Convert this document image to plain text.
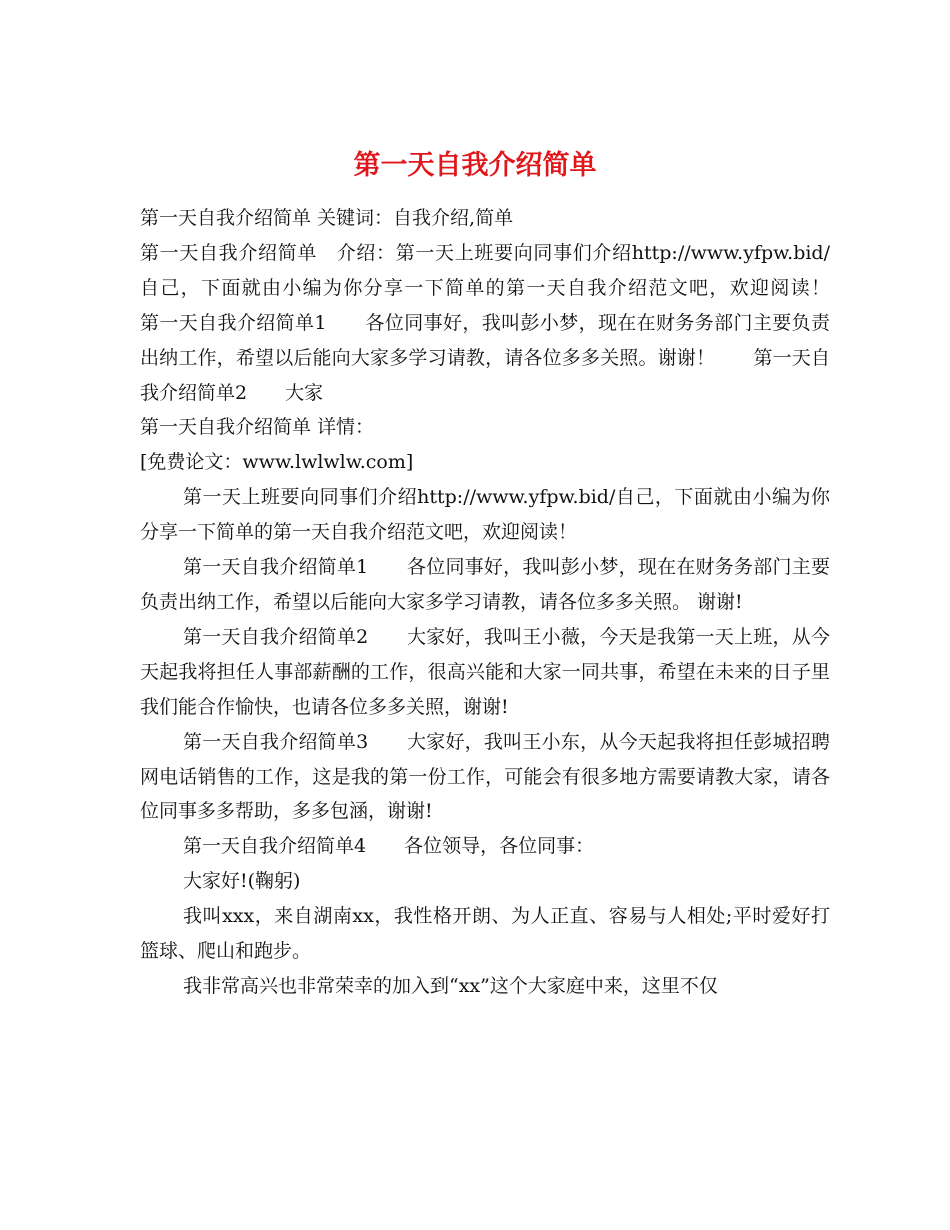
第一天自我介绍简单

第一天自我介绍简单 关键词：自我介绍,简单

第一天自我介绍简单　介绍：第一天上班要向同事们介绍http://www.yfpw.bid/自己，下面就由小编为你分享一下简单的第一天自我介绍范文吧，欢迎阅读！　　第一天自我介绍简单1　　各位同事好，我叫彭小梦，现在在财务务部门主要负责出纳工作，希望以后能向大家多学习请教，请各位多多关照。谢谢！　　第一天自我介绍简单2　　大家

第一天自我介绍简单 详情：

[免费论文：www.lwlwlw.com]

第一天上班要向同事们介绍http://www.yfpw.bid/自己，下面就由小编为你分享一下简单的第一天自我介绍范文吧，欢迎阅读！

第一天自我介绍简单1　　各位同事好，我叫彭小梦，现在在财务务部门主要负责出纳工作，希望以后能向大家多学习请教，请各位多多关照。 谢谢!

第一天自我介绍简单2　　大家好，我叫王小薇，今天是我第一天上班，从今天起我将担任人事部薪酬的工作，很高兴能和大家一同共事，希望在未来的日子里我们能合作愉快，也请各位多多关照，谢谢!

第一天自我介绍简单3　　大家好，我叫王小东，从今天起我将担任彭城招聘网电话销售的工作，这是我的第一份工作，可能会有很多地方需要请教大家，请各位同事多多帮助，多多包涵，谢谢!

第一天自我介绍简单4　　各位领导，各位同事：

大家好!(鞠躬)

我叫xxx，来自湖南xx，我性格开朗、为人正直、容易与人相处;平时爱好打篮球、爬山和跑步。

我非常高兴也非常荣幸的加入到“xx”这个大家庭中来，这里不仅
